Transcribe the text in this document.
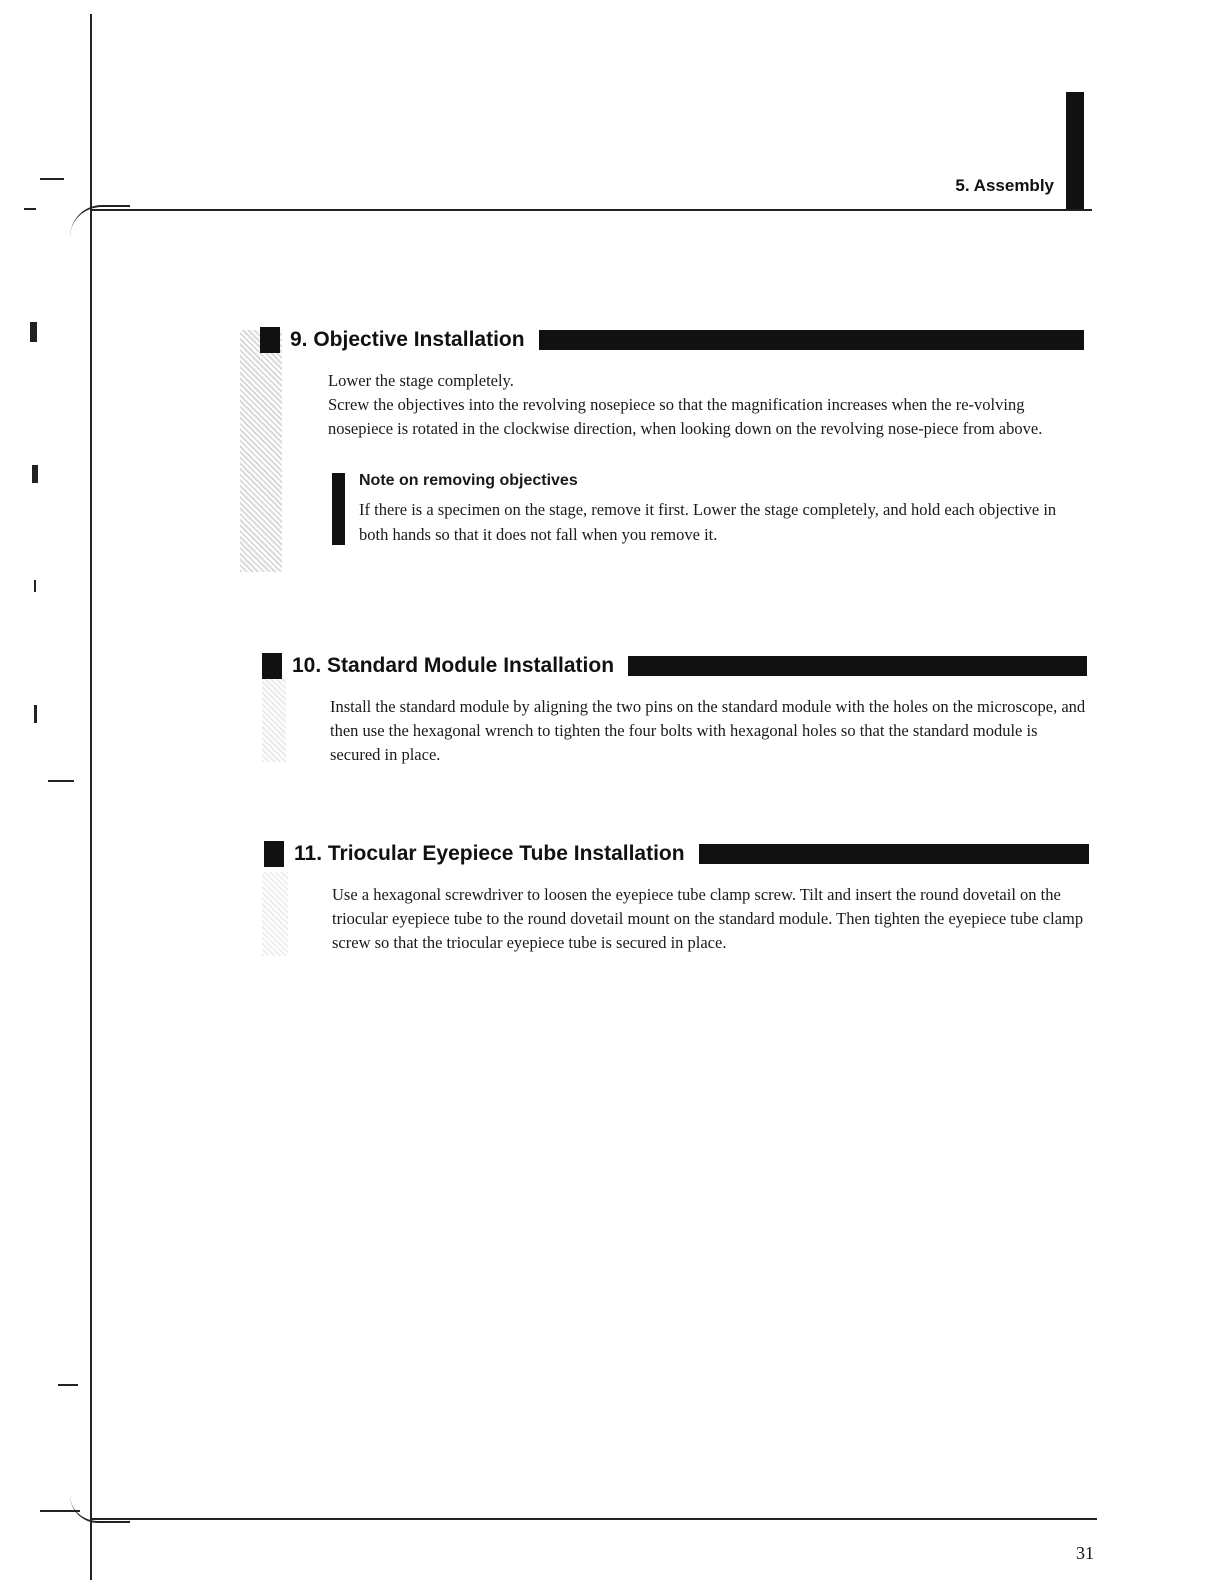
5. Assembly
9. Objective Installation

Lower the stage completely.

Screw the objectives into the revolving nosepiece so that the magnification increases when the re-volving nosepiece is rotated in the clockwise direction, when looking down on the revolving nose-piece from above.

Note on removing objectives
If there is a specimen on the stage, remove it first. Lower the stage completely, and hold each objective in both hands so that it does not fall when you remove it.
10. Standard Module Installation

Install the standard module by aligning the two pins on the standard module with the holes on the microscope, and then use the hexagonal wrench to tighten the four bolts with hexagonal holes so that the standard module is secured in place.

11. Triocular Eyepiece Tube Installation

Use a hexagonal screwdriver to loosen the eyepiece tube clamp screw. Tilt and insert the round dovetail on the triocular eyepiece tube to the round dovetail mount on the standard module. Then tighten the eyepiece tube clamp screw so that the triocular eyepiece tube is secured in place.

31
